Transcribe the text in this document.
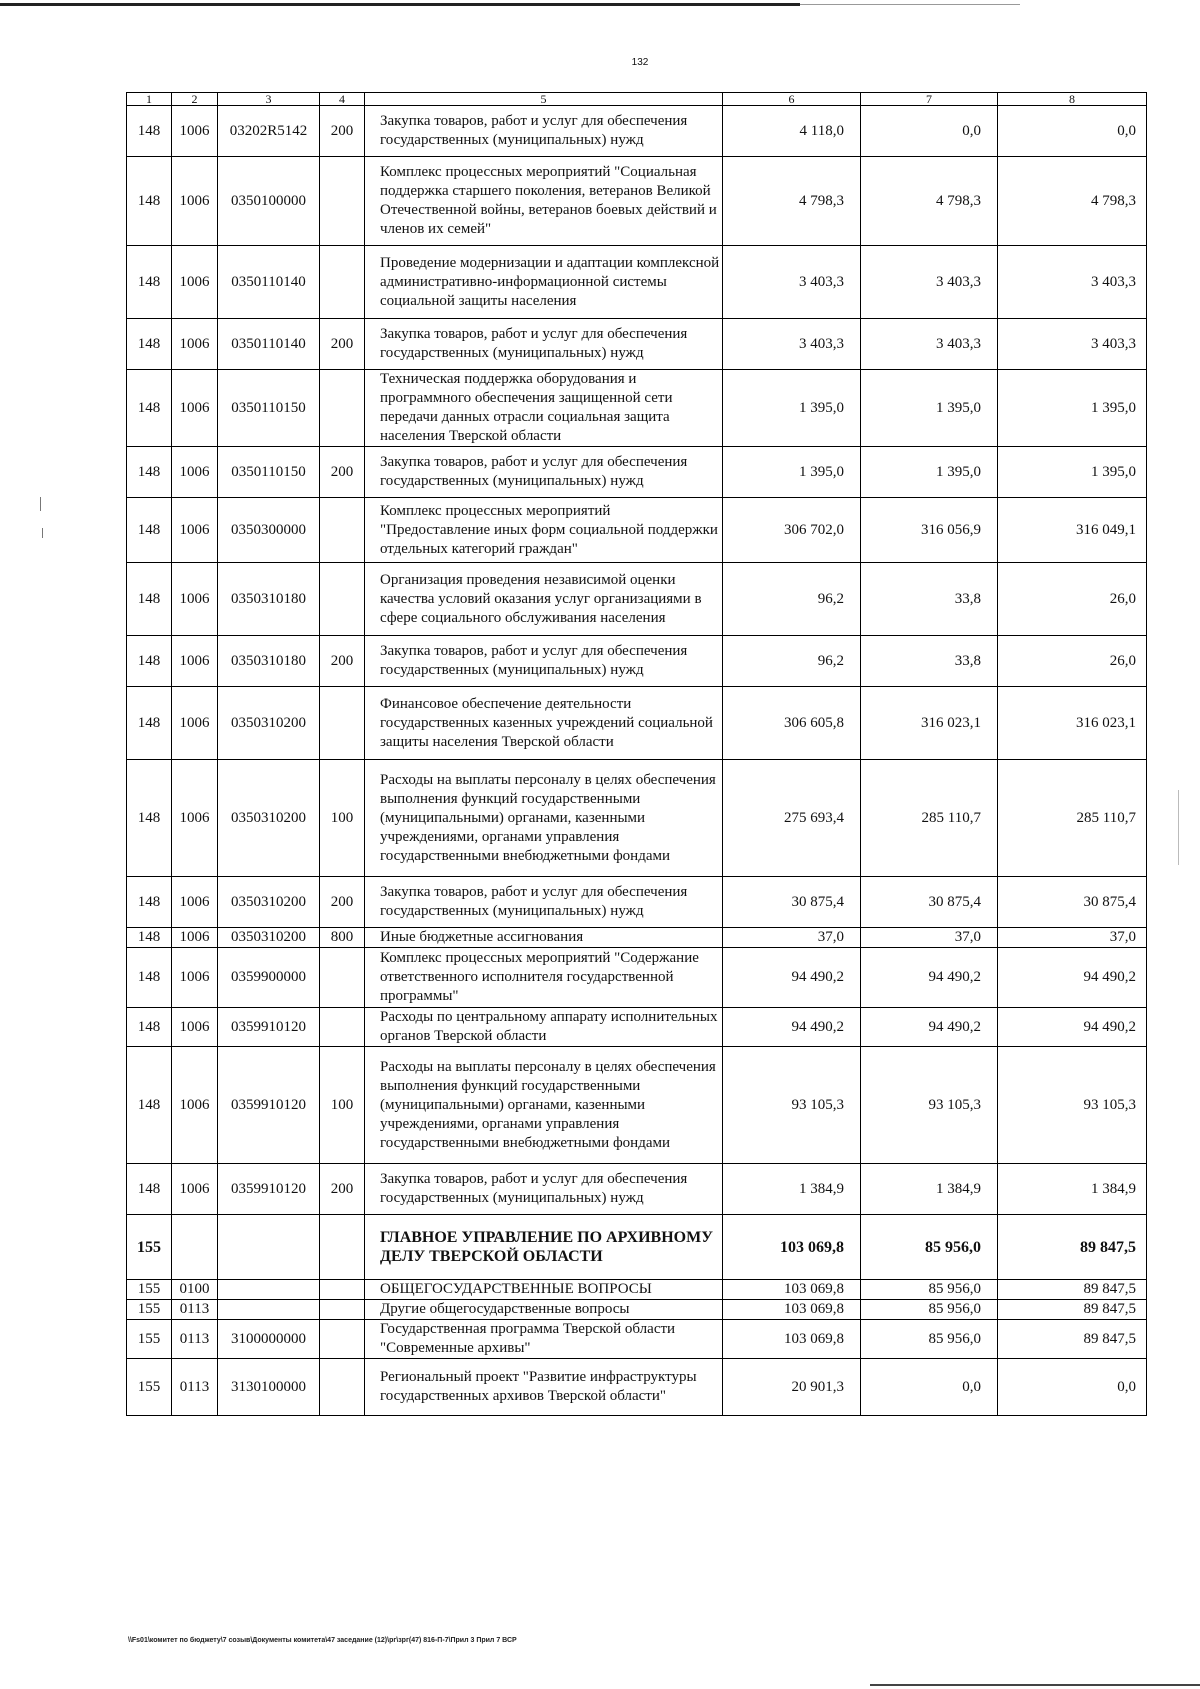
132
1	2	3	4	5	6	7	8
148	1006	03202R5142	200	Закупка товаров, работ и услуг для обеспечения государственных (муниципальных) нужд	4 118,0	0,0	0,0
148	1006	0350100000		Комплекс процессных мероприятий "Социальная поддержка старшего поколения, ветеранов Великой Отечественной войны, ветеранов боевых действий и членов их семей"	4 798,3	4 798,3	4 798,3
148	1006	0350110140		Проведение модернизации и адаптации комплексной административно-информационной системы социальной защиты населения	3 403,3	3 403,3	3 403,3
148	1006	0350110140	200	Закупка товаров, работ и услуг для обеспечения государственных (муниципальных) нужд	3 403,3	3 403,3	3 403,3
148	1006	0350110150		Техническая поддержка оборудования и программного обеспечения защищенной сети передачи данных отрасли социальная защита населения Тверской области	1 395,0	1 395,0	1 395,0
148	1006	0350110150	200	Закупка товаров, работ и услуг для обеспечения государственных (муниципальных) нужд	1 395,0	1 395,0	1 395,0
148	1006	0350300000		Комплекс процессных мероприятий "Предоставление иных форм социальной поддержки отдельных категорий граждан"	306 702,0	316 056,9	316 049,1
148	1006	0350310180		Организация проведения независимой оценки качества условий оказания услуг организациями в сфере социального обслуживания населения	96,2	33,8	26,0
148	1006	0350310180	200	Закупка товаров, работ и услуг для обеспечения государственных (муниципальных) нужд	96,2	33,8	26,0
148	1006	0350310200		Финансовое обеспечение деятельности государственных казенных учреждений социальной защиты населения Тверской области	306 605,8	316 023,1	316 023,1
148	1006	0350310200	100	Расходы на выплаты персоналу в целях обеспечения выполнения функций государственными (муниципальными) органами, казенными учреждениями, органами управления государственными внебюджетными фондами	275 693,4	285 110,7	285 110,7
148	1006	0350310200	200	Закупка товаров, работ и услуг для обеспечения государственных (муниципальных) нужд	30 875,4	30 875,4	30 875,4
148	1006	0350310200	800	Иные бюджетные ассигнования	37,0	37,0	37,0
148	1006	0359900000		Комплекс процессных мероприятий "Содержание ответственного исполнителя государственной программы"	94 490,2	94 490,2	94 490,2
148	1006	0359910120		Расходы по центральному аппарату исполнительных органов Тверской области	94 490,2	94 490,2	94 490,2
148	1006	0359910120	100	Расходы на выплаты персоналу в целях обеспечения выполнения функций государственными (муниципальными) органами, казенными учреждениями, органами управления государственными внебюджетными фондами	93 105,3	93 105,3	93 105,3
148	1006	0359910120	200	Закупка товаров, работ и услуг для обеспечения государственных (муниципальных) нужд	1 384,9	1 384,9	1 384,9
155				ГЛАВНОЕ УПРАВЛЕНИЕ ПО АРХИВНОМУ ДЕЛУ ТВЕРСКОЙ ОБЛАСТИ	103 069,8	85 956,0	89 847,5
155	0100			ОБЩЕГОСУДАРСТВЕННЫЕ ВОПРОСЫ	103 069,8	85 956,0	89 847,5
155	0113			Другие общегосударственные вопросы	103 069,8	85 956,0	89 847,5
155	0113	3100000000		Государственная программа Тверской области "Современные архивы"	103 069,8	85 956,0	89 847,5
155	0113	3130100000		Региональный проект "Развитие инфраструктуры государственных архивов Тверской области"	20 901,3	0,0	0,0
\\Fs01\комитет по бюджету\7 созыв\Документы комитета\47 заседание (12)\рг\зрг(47) 816-П-7\Прил 3 Прил 7 ВСР
